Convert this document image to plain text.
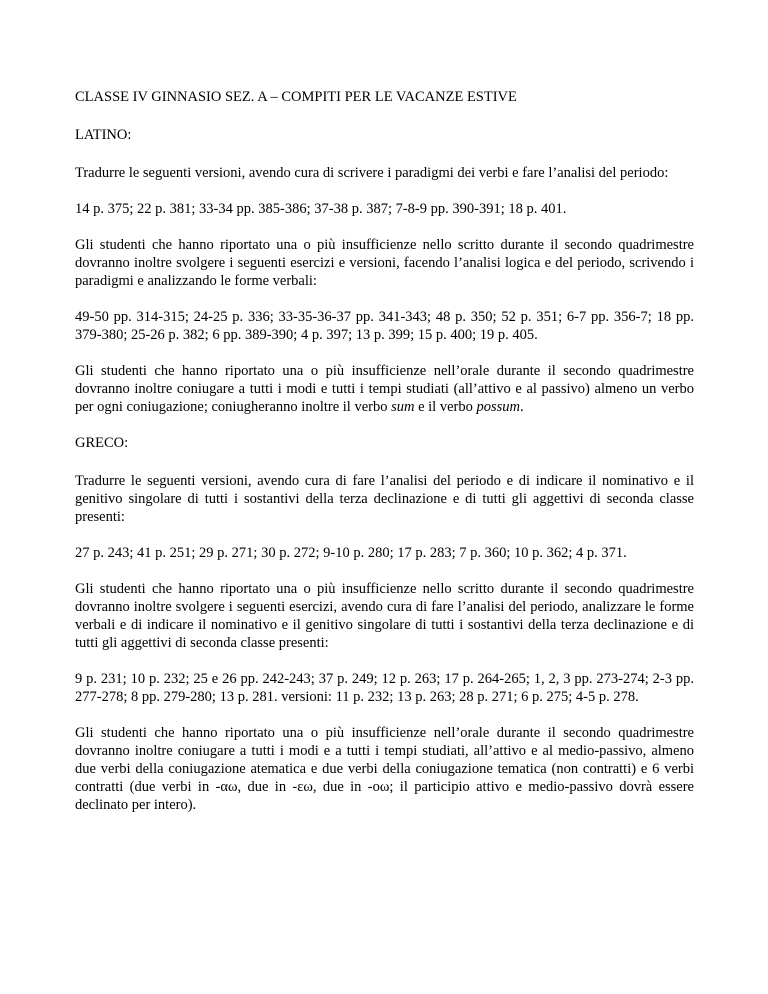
CLASSE IV GINNASIO SEZ. A – COMPITI PER LE VACANZE ESTIVE

LATINO:

Tradurre le seguenti versioni, avendo cura di scrivere i paradigmi dei verbi e fare l’analisi del periodo:

14 p. 375; 22 p. 381; 33-34 pp. 385-386; 37-38 p. 387; 7-8-9 pp. 390-391; 18 p. 401.

Gli studenti che hanno riportato una o più insufficienze nello scritto durante il secondo quadrimestre dovranno inoltre svolgere i seguenti esercizi e versioni, facendo l’analisi logica e del periodo, scrivendo i paradigmi e analizzando le forme verbali:

49-50 pp. 314-315; 24-25 p. 336; 33-35-36-37 pp. 341-343; 48 p. 350; 52 p. 351; 6-7 pp. 356-7; 18 pp. 379-380; 25-26 p. 382; 6 pp. 389-390; 4 p. 397; 13 p. 399; 15 p. 400; 19 p. 405.

Gli studenti che hanno riportato una o più insufficienze nell’orale durante il secondo quadrimestre dovranno inoltre coniugare a tutti i modi e tutti i tempi studiati (all’attivo e al passivo) almeno un verbo per ogni coniugazione; coniugheranno inoltre il verbo sum e il verbo possum.

GRECO:

Tradurre le seguenti versioni, avendo cura di fare l’analisi del periodo e di indicare il nominativo e il genitivo singolare di tutti i sostantivi della terza declinazione e di tutti gli aggettivi di seconda classe presenti:

27 p. 243; 41 p. 251; 29 p. 271; 30 p. 272; 9-10 p. 280; 17 p. 283; 7 p. 360; 10 p. 362; 4 p. 371.

Gli studenti che hanno riportato una o più insufficienze nello scritto durante il secondo quadrimestre dovranno inoltre svolgere i seguenti esercizi, avendo cura di fare l’analisi del periodo, analizzare le forme verbali e di indicare il nominativo e il genitivo singolare di tutti i sostantivi della terza declinazione e di tutti gli aggettivi di seconda classe presenti:

9 p. 231; 10 p. 232; 25 e 26 pp. 242-243; 37 p. 249; 12 p. 263; 17 p. 264-265; 1, 2, 3 pp. 273-274; 2-3 pp. 277-278; 8 pp. 279-280; 13 p. 281. versioni: 11 p. 232; 13 p. 263; 28 p. 271; 6 p. 275; 4-5 p. 278.

Gli studenti che hanno riportato una o più insufficienze nell’orale durante il secondo quadrimestre dovranno inoltre coniugare a tutti i modi e a tutti i tempi studiati, all’attivo e al medio-passivo, almeno due verbi della coniugazione atematica e due verbi della coniugazione tematica (non contratti) e 6 verbi contratti (due verbi in -αω, due in -εω, due in -οω; il participio attivo e medio-passivo dovrà essere declinato per intero).
